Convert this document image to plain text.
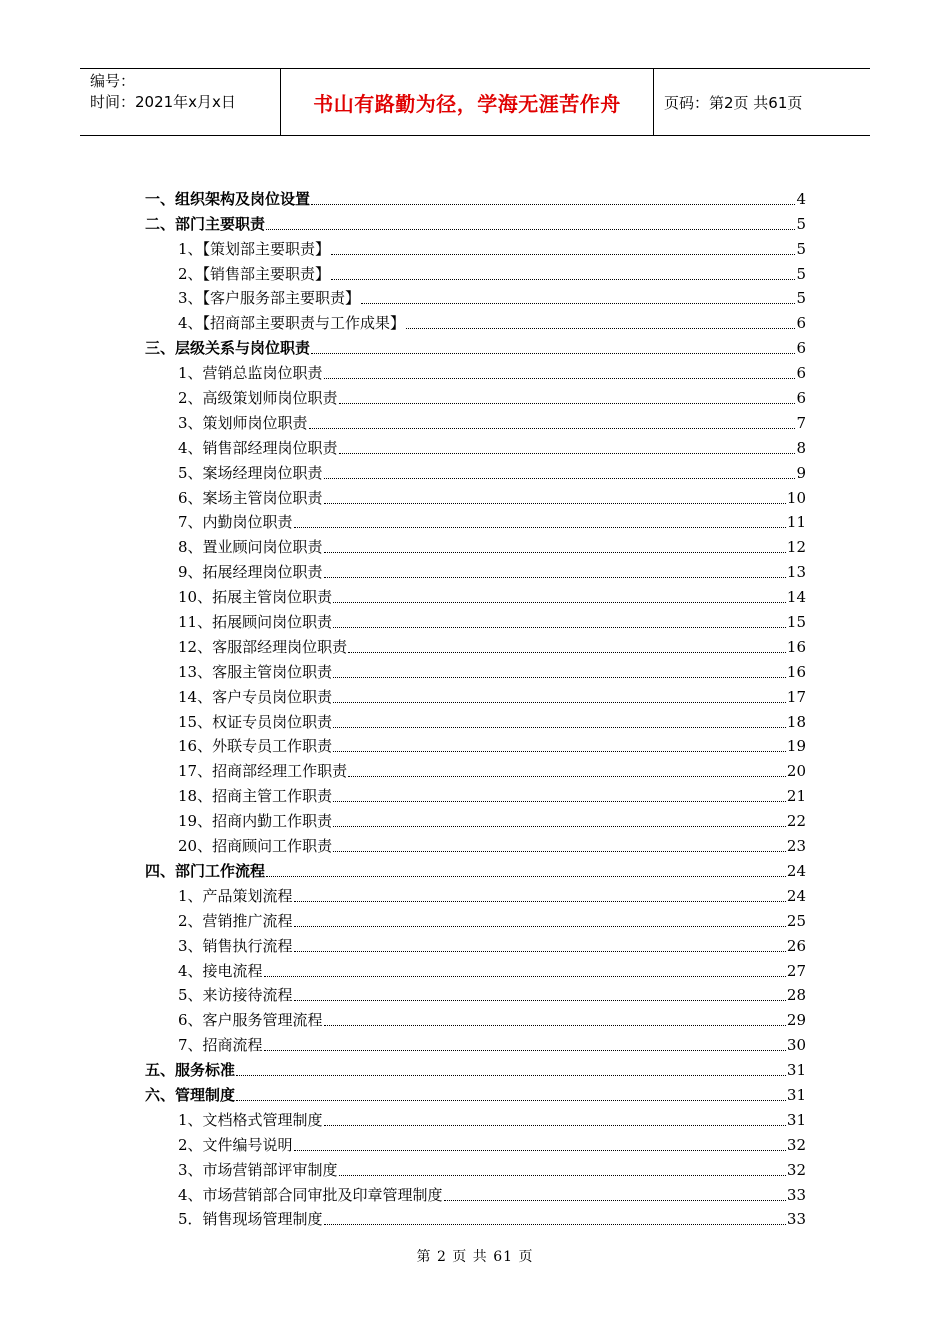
编号：
时间：2021年x月x日	书山有路勤为径，学海无涯苦作舟	页码：第2页 共61页
一、组织架构及岗位设置	4
二、部门主要职责	5
1、【策划部主要职责】	5
2、【销售部主要职责】	5
3、【客户服务部主要职责】	5
4、【招商部主要职责与工作成果】	6
三、层级关系与岗位职责	6
1、营销总监岗位职责	6
2、高级策划师岗位职责	6
3、策划师岗位职责	7
4、销售部经理岗位职责	8
5、案场经理岗位职责	9
6、案场主管岗位职责	10
7、内勤岗位职责	11
8、置业顾问岗位职责	12
9、拓展经理岗位职责	13
10、拓展主管岗位职责	14
11、拓展顾问岗位职责	15
12、客服部经理岗位职责	16
13、客服主管岗位职责	16
14、客户专员岗位职责	17
15、权证专员岗位职责	18
16、外联专员工作职责	19
17、招商部经理工作职责	20
18、招商主管工作职责	21
19、招商内勤工作职责	22
20、招商顾问工作职责	23
四、部门工作流程	24
1、产品策划流程	24
2、营销推广流程	25
3、销售执行流程	26
4、接电流程	27
5、来访接待流程	28
6、客户服务管理流程	29
7、招商流程	30
五、服务标准	31
六、管理制度	31
1、文档格式管理制度	31
2、文件编号说明	32
3、市场营销部评审制度	32
4、市场营销部合同审批及印章管理制度	33
5．销售现场管理制度	33
第 2 页 共 61 页
